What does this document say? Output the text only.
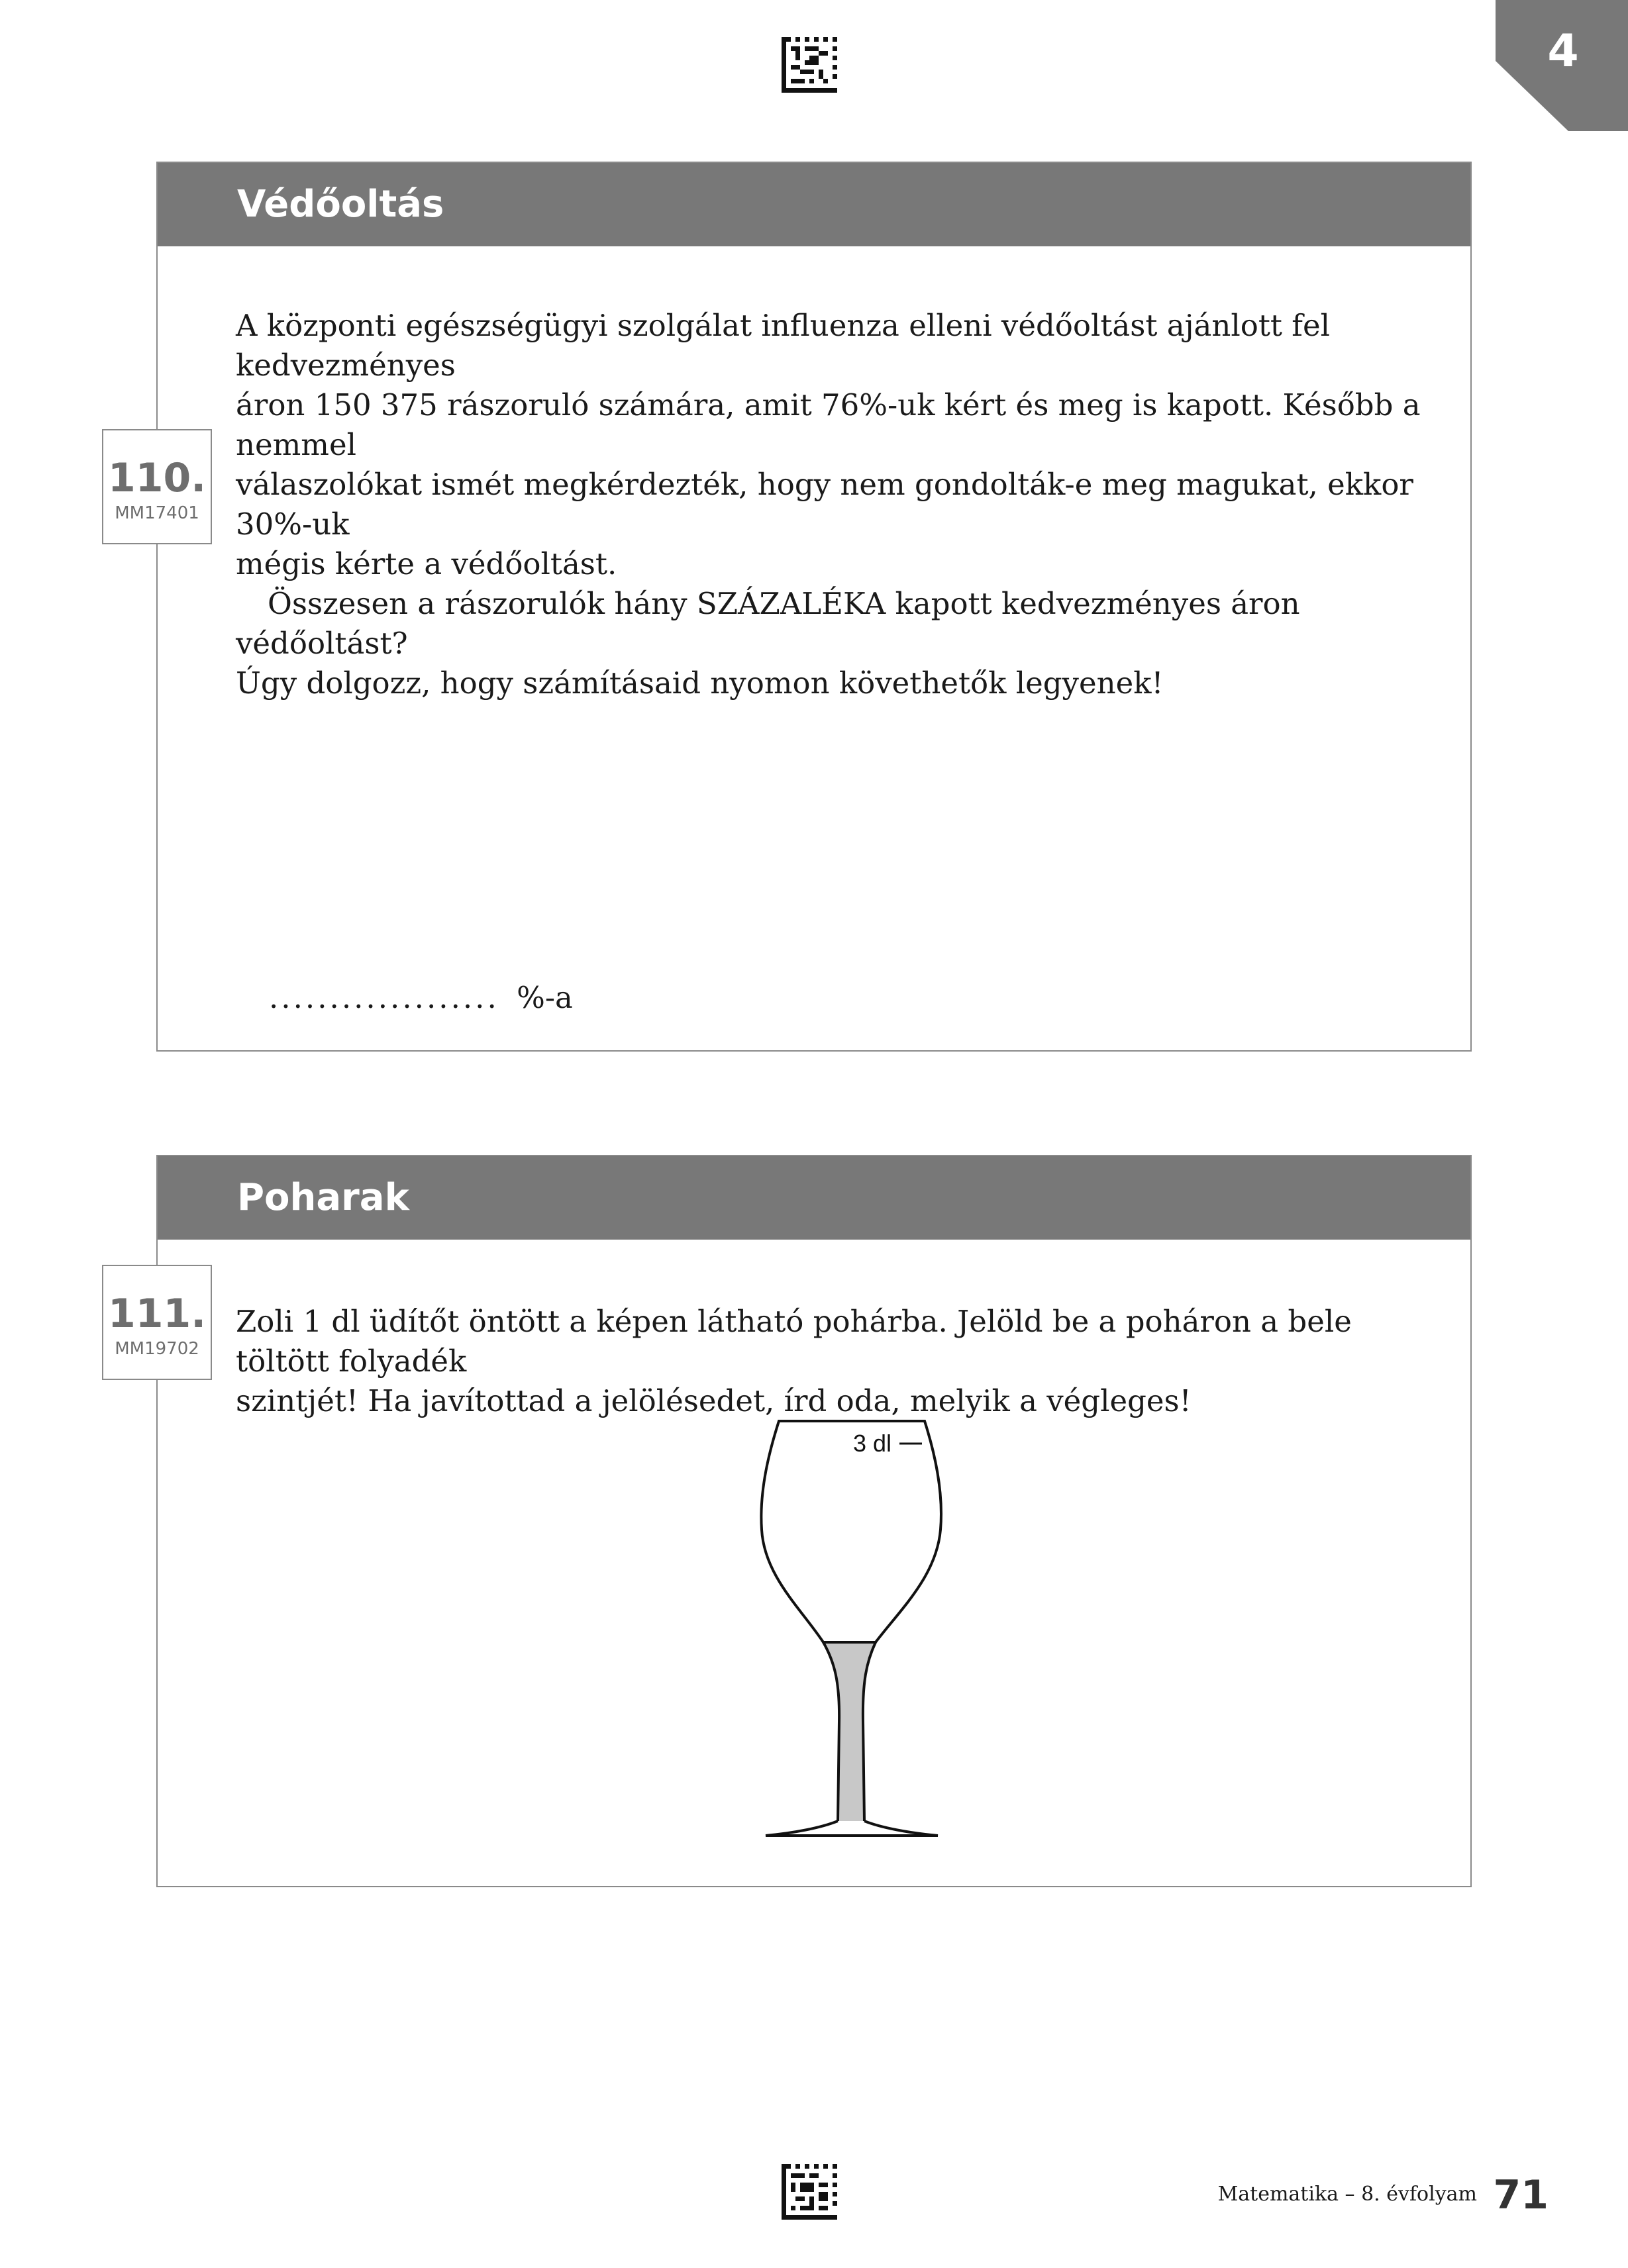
4
Védőoltás
110.
MM17401

A központi egészségügyi szolgálat influenza elleni védőoltást ajánlott fel kedvezményes

áron 150 375 rászoruló számára, amit 76%-uk kért és meg is kapott. Később a nemmel

válaszolókat ismét megkérdezték, hogy nem gondolták-e meg magukat, ekkor 30%-uk

mégis kérte a védőoltást.

Összesen a rászorulók hány SZÁZALÉKA kapott kedvezményes áron védőoltást?

Úgy dolgozz, hogy számításaid nyomon követhetők legyenek!

................... %-a
Poharak
111.
MM19702

Zoli 1 dl üdítőt öntött a képen látható pohárba. Jelöld be a poháron a bele töltött folyadék

szintjét! Ha javítottad a jelölésedet, írd oda, melyik a végleges!

3 dl
Matematika – 8. évfolyam 71
